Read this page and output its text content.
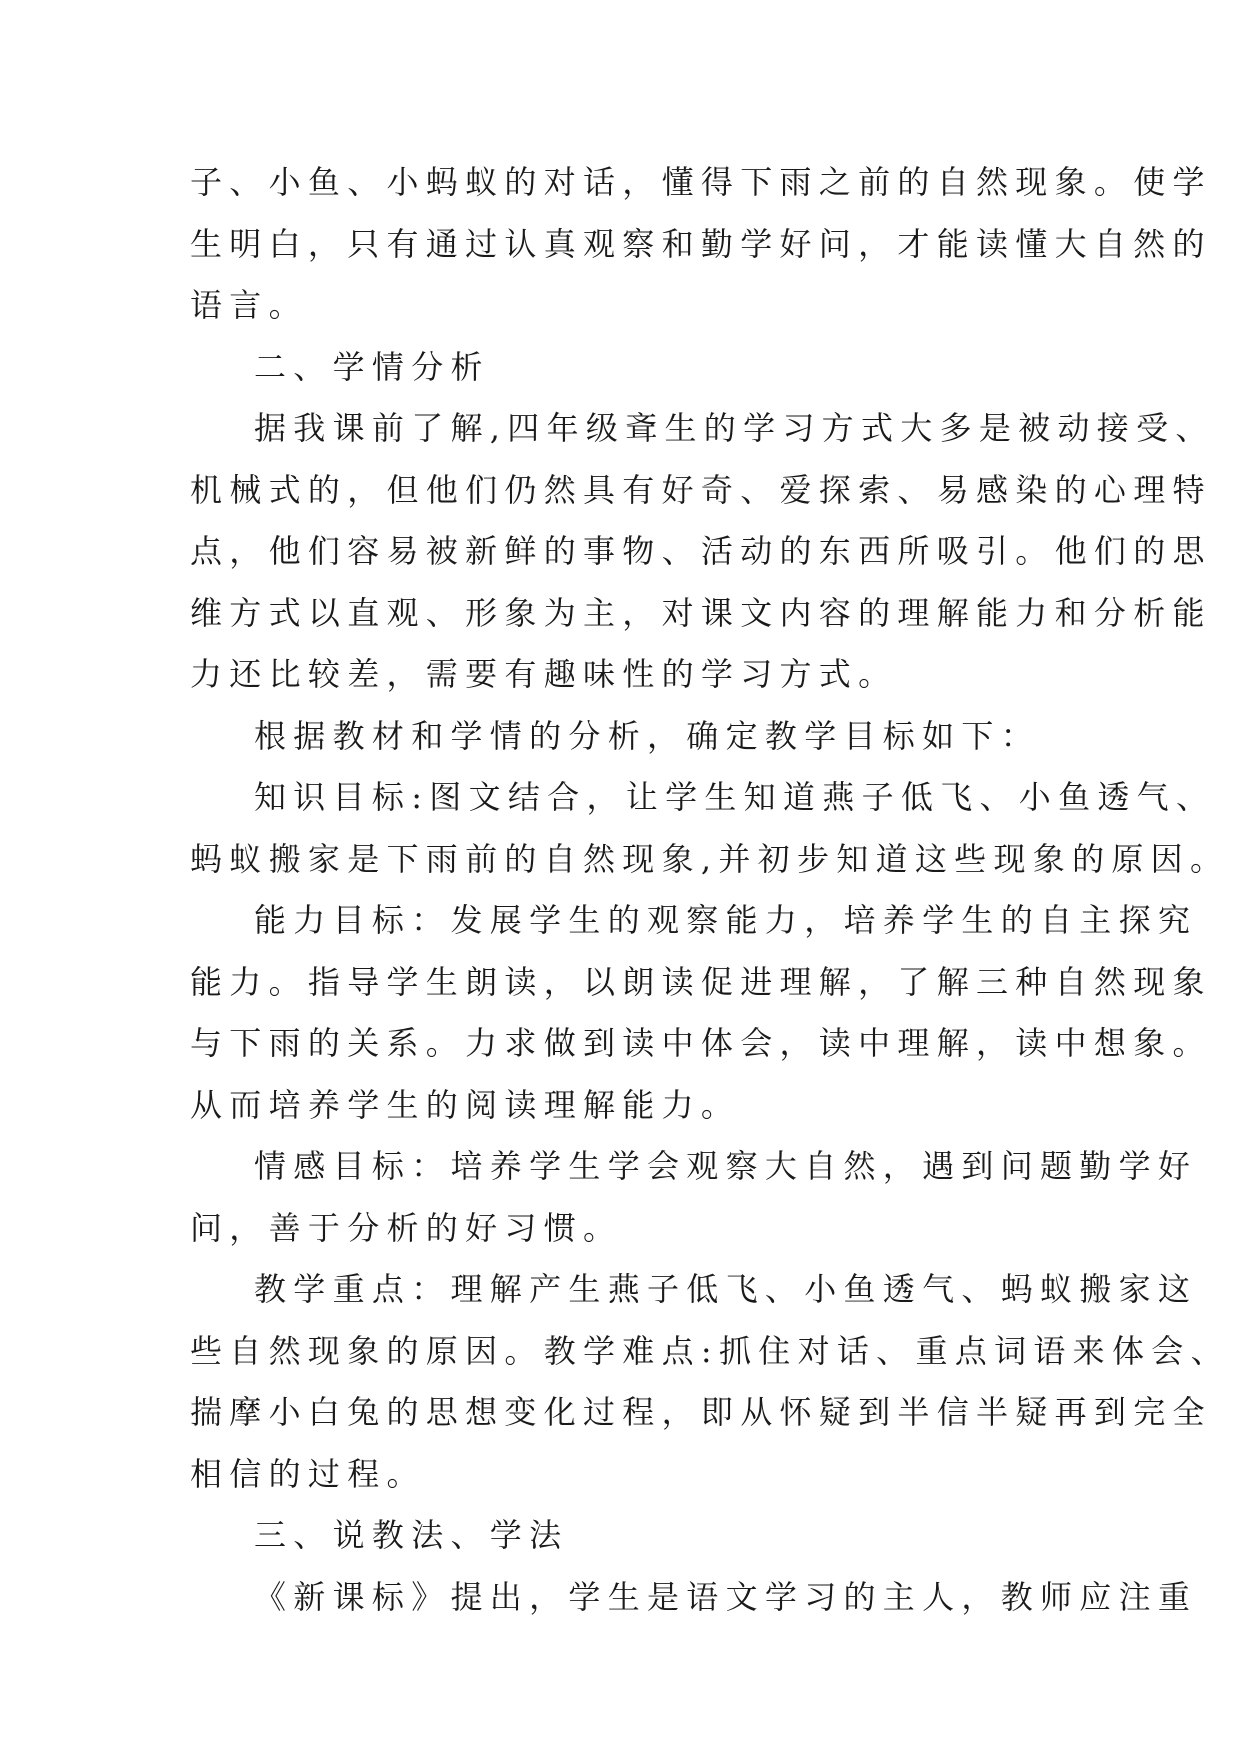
子、小鱼、小蚂蚁的对话，懂得下雨之前的自然现象。使学
生明白，只有通过认真观察和勤学好问，才能读懂大自然的
语言。
二、学情分析
据我课前了解,四年级斊生的学习方式大多是被动接受、
机械式的，但他们仍然具有好奇、爱探索、易感染的心理特
点，他们容易被新鲜的事物、活动的东西所吸引。他们的思
维方式以直观、形象为主，对课文内容的理解能力和分析能
力还比较差，需要有趣味性的学习方式。
根据教材和学情的分析，确定教学目标如下：
知识目标:图文结合，让学生知道燕子低飞、小鱼透气、
蚂蚁搬家是下雨前的自然现象,并初步知道这些现象的原因。
能力目标：发展学生的观察能力，培养学生的自主探究
能力。指导学生朗读，以朗读促进理解，了解三种自然现象
与下雨的关系。力求做到读中体会，读中理解，读中想象。
从而培养学生的阅读理解能力。
情感目标：培养学生学会观察大自然，遇到问题勤学好
问，善于分析的好习惯。
教学重点：理解产生燕子低飞、小鱼透气、蚂蚁搬家这
些自然现象的原因。教学难点:抓住对话、重点词语来体会、
揣摩小白兔的思想变化过程，即从怀疑到半信半疑再到完全
相信的过程。
三、说教法、学法
《新课标》提出，学生是语文学习的主人，教师应注重
